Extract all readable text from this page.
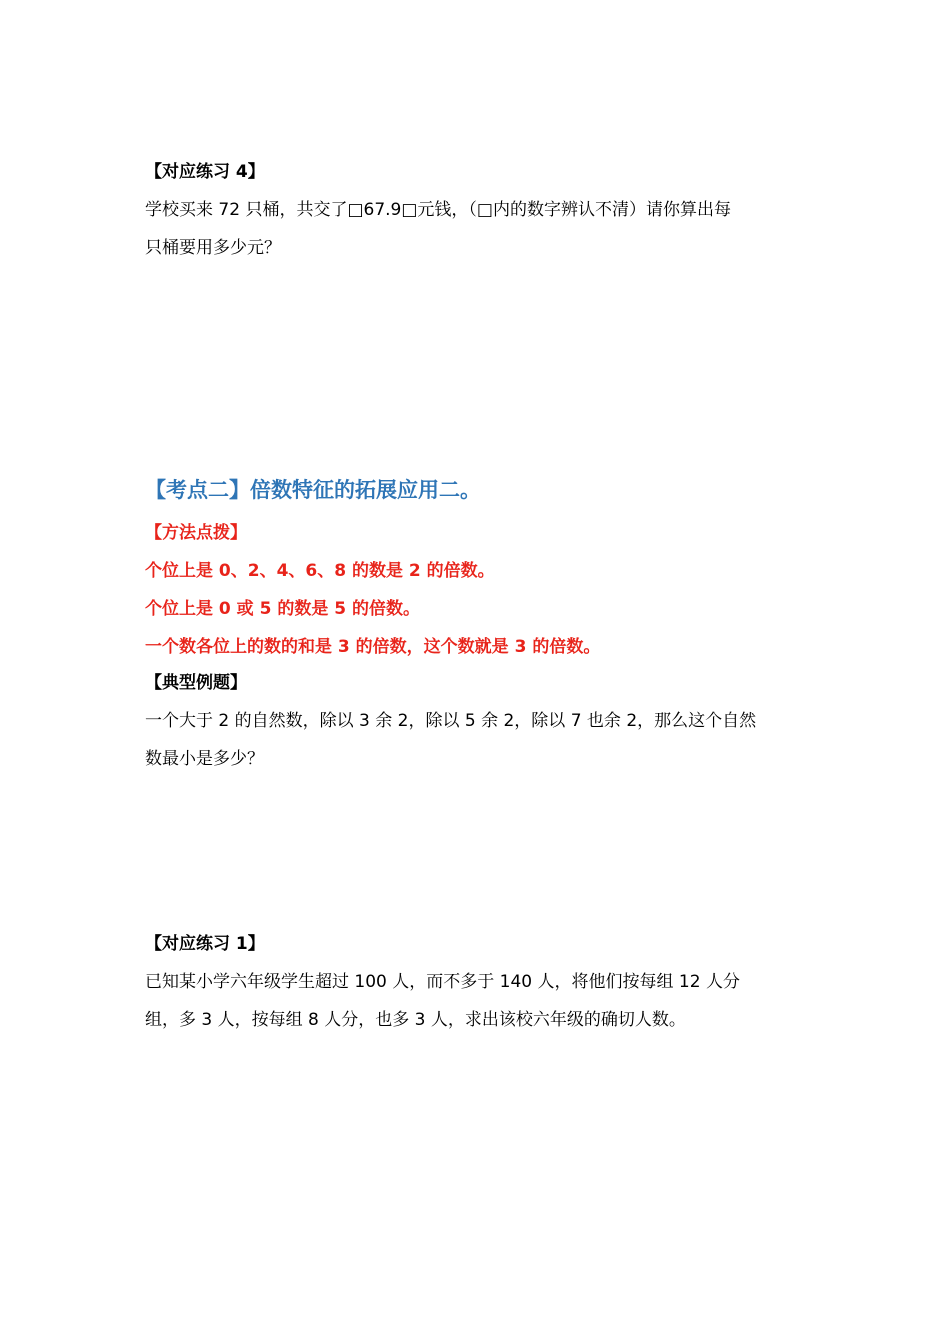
【对应练习 4】
学校买来 72 只桶，共交了□67.9□元钱，（□内的数字辨认不清）请你算出每
只桶要用多少元？
【考点二】倍数特征的拓展应用二。
【方法点拨】
个位上是 0、2、4、6、8 的数是 2 的倍数。
个位上是 0 或 5 的数是 5 的倍数。
一个数各位上的数的和是 3 的倍数，这个数就是 3 的倍数。
【典型例题】
一个大于 2 的自然数，除以 3 余 2，除以 5 余 2，除以 7 也余 2，那么这个自然
数最小是多少？
【对应练习 1】
已知某小学六年级学生超过 100 人，而不多于 140 人，将他们按每组 12 人分
组，多 3 人，按每组 8 人分，也多 3 人，求出该校六年级的确切人数。
